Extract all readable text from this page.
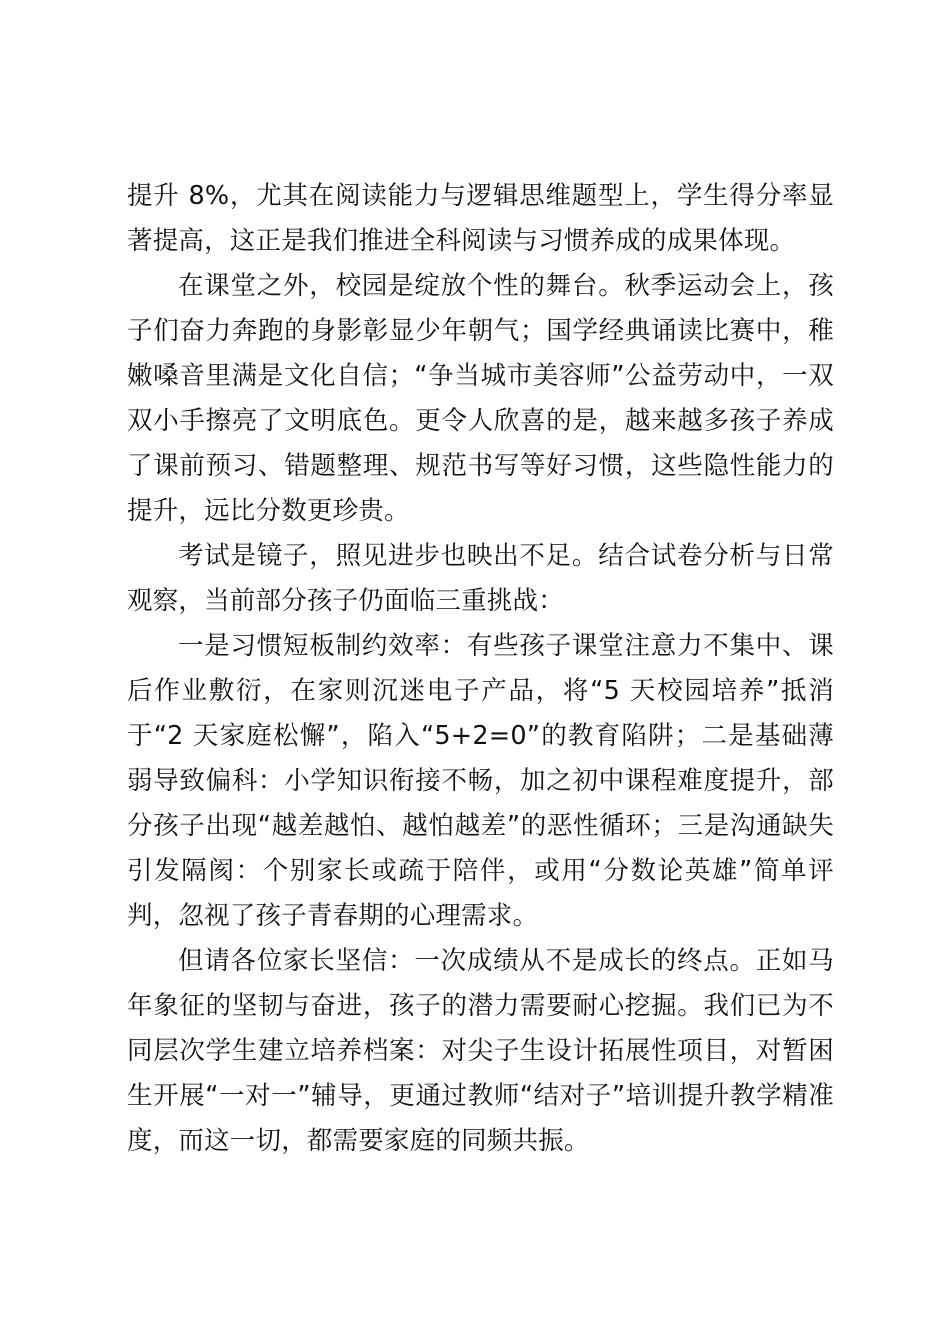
提升 8%，尤其在阅读能力与逻辑思维题型上，学生得分率显著提高，这正是我们推进全科阅读与习惯养成的成果体现。

在课堂之外，校园是绽放个性的舞台。秋季运动会上，孩子们奋力奔跑的身影彰显少年朝气；国学经典诵读比赛中，稚嫩嗓音里满是文化自信；“争当城市美容师”公益劳动中，一双双小手擦亮了文明底色。更令人欣喜的是，越来越多孩子养成了课前预习、错题整理、规范书写等好习惯，这些隐性能力的提升，远比分数更珍贵。

考试是镜子，照见进步也映出不足。结合试卷分析与日常观察，当前部分孩子仍面临三重挑战：

一是习惯短板制约效率：有些孩子课堂注意力不集中、课后作业敷衍，在家则沉迷电子产品，将“5 天校园培养”抵消于“2 天家庭松懈”，陷入“5+2=0”的教育陷阱；二是基础薄弱导致偏科：小学知识衔接不畅，加之初中课程难度提升，部分孩子出现“越差越怕、越怕越差”的恶性循环；三是沟通缺失引发隔阂：个别家长或疏于陪伴，或用“分数论英雄”简单评判，忽视了孩子青春期的心理需求。

但请各位家长坚信：一次成绩从不是成长的终点。正如马年象征的坚韧与奋进，孩子的潜力需要耐心挖掘。我们已为不同层次学生建立培养档案：对尖子生设计拓展性项目，对暂困生开展“一对一”辅导，更通过教师“结对子”培训提升教学精准度，而这一切，都需要家庭的同频共振。
